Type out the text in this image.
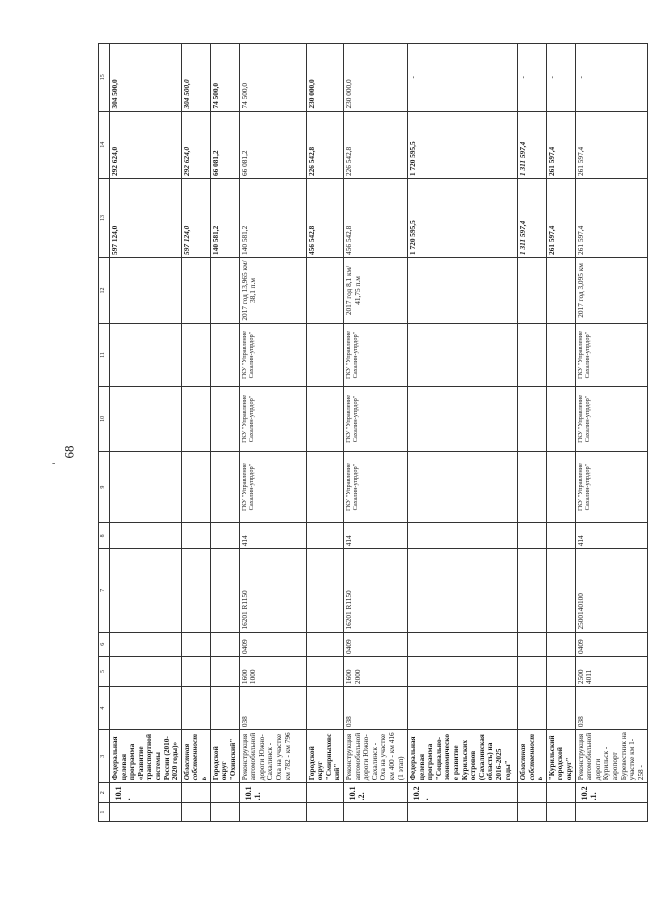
68
-
1	2	3	4	5	6	7	8	9	10	11	12	13	14	15
	10.1.	Федеральная целевая программа «Развитие транспортной системы России (2010-2020 годы)»										597 124,0	292 624,0	304 500,0
		Областная собственность										597 124,0	292 624,0	304 500,0
		Городской округ "Охинский"										140 581,2	66 081,2	74 500,0
	10.1.1.	Реконструкция автомобильной дороги Южно-Сахалинск - Оха на участке км 782 - км 796	038	1600 1000	0409	16201 R1150	414	ГКУ "Управление Сахалин-упрдор"	ГКУ "Управление Сахалин-упрдор"	ГКУ "Управление Сахалин-упрдор"	2017 год 13,965 км/ 38,1 п.м	140 581,2	66 081,2	74 500,0
		Городской округ "Смирныховский"										456 542,8	226 542,8	230 000,0
	10.1.2.	Реконструкция автомобильной дороги Южно-Сахалинск - Оха на участке км 400 - км 416 (1 этап)	038	1600 2000	0409	16201 R1150	414	ГКУ "Управление Сахалин-упрдор"	ГКУ "Управление Сахалин-упрдор"	ГКУ "Управление Сахалин-упрдор"	2017 год 8,1 км/ 41,75 п.м	456 542,8	226 542,8	230 000,0
	10.2.	Федеральная целевая программа "Социально-экономическое развитие Курильских островов (Сахалинская область) на 2016-2025 годы"										1 720 595,5	1 720 595,5	-
		Областная собственность										1 311 597,4	1 311 597,4	-
		"Курильский городской округ"										261 597,4	261 597,4	-
	10.2.1.	Реконструкция автомобильной дороги Курильск - аэропорт Буревестник на участке км 1-258 -	038	2500 4011	0409	2500140100	414	ГКУ "Управление Сахалин-упрдор"	ГКУ "Управление Сахалин-упрдор"	ГКУ "Управление Сахалин-упрдор"	2017 год 3,095 км	261 597,4	261 597,4	-
